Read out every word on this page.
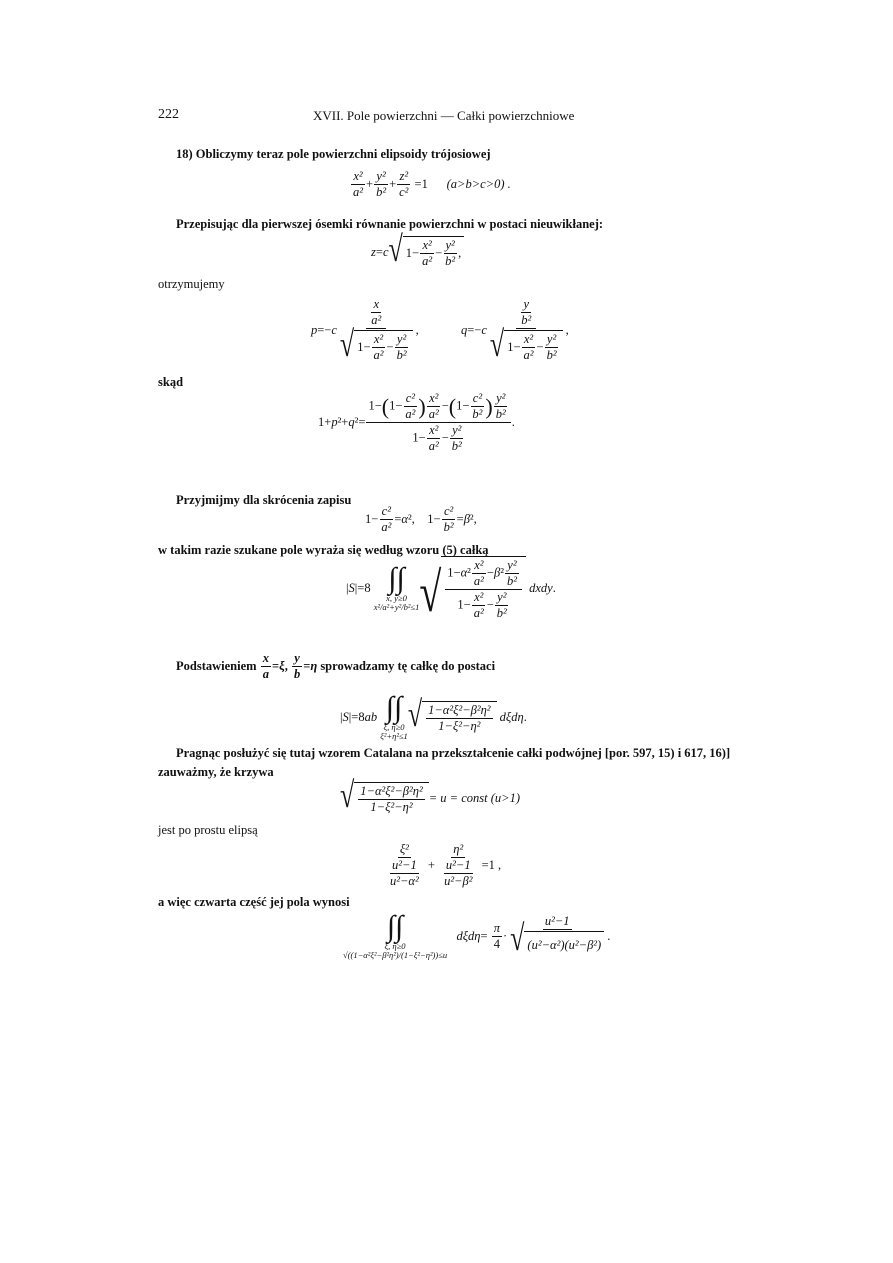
222	XVII. Pole powierzchni — Całki powierzchniowe
18) Obliczymy teraz pole powierzchni elipsoidy trójosiowej
$\frac{\text{x²}}{\text{a²}} + \frac{\text{y²}}{\text{b²}} + \frac{\text{z²}}{\text{c²}} =1$ (a>b>c>0) .
Przepisując dla pierwszej ósemki równanie powierzchni w postaci nieuwikłanej:
z = c √ $1- \frac{\text{x²}}{\text{a²}} - \frac{\text{y²}}{\text{b²}}$ ,
otrzymujemy
p =− c $\frac{\frac{x}{\text{a²}}}{√ 1- \frac{\text{x²}}{\text{a²}} - \frac{\text{y²}}{\text{b²}}}$ ,	q =− c $\frac{\frac{y}{\text{b²}}}{√ 1- \frac{\text{x²}}{\text{a²}} - \frac{\text{y²}}{\text{b²}}}$ ,
skąd
1+ p ²+ q $^2= \frac{1-(1- \frac{\text{c²}}{\text{a²}} ) \frac{\text{x²}}{\text{a²}} -(1- \frac{\text{c²}}{\text{b²}} ) \frac{\text{y²}}{\text{b²}}}{1- \frac{\text{x²}}{\text{a²}} - \frac{\text{y²}}{\text{b²}}}$ .
Przyjmijmy dla skrócenia zapisu
$1- \frac{\text{c²}}{\text{a²}} = \alpha$ ²,    $1- \frac{\text{c²}}{\text{b²}} = \beta$ ²,
w takim razie szukane pole wyraża się według wzoru (5) całką
| S |=8 ∫∫
x, y≥0
x²/a²+y²/b²≤1 √ $\frac{1-\alpha^2 \frac{\text{x²}}{\text{a²}} -\beta^2 \frac{\text{y²}}{\text{b²}}}{1- \frac{\text{x²}}{\text{a²}} - \frac{\text{y²}}{\text{b²}}}$ dxdy .
Podstawieniem
$\frac{x}{a} = \xi$ , $\frac{y}{b} = \eta$
sprowadzamy tę całkę do postaci
| S |=8 ab
∫∫
ξ, η≥0
ξ²+η²≤1
√ $\frac{\text{1−α²ξ²−β²η²}}{\text{1−ξ²−η²}}$ dξdη .
Pragnąc posłużyć się tutaj wzorem Catalana na przekształcenie całki podwójnej [por. 597, 15) i 617, 16)]
zauważmy, że krzywa
√ $\frac{\text{1−α²ξ²−β²η²}}{\text{1−ξ²−η²}} = u$ = const (u>1)
jest po prostu elipsą
$\frac{\text{ξ²}}{\frac{\text{u²−1}}{\text{u²−α²}}} + \frac{\text{η²}}{\frac{\text{u²−1}}{\text{u²−β²}}} =1$ ,
a więc czwarta część jej pola wynosi
∫∫
ξ, η≥0
√((1−α²ξ²−β²η²)/(1−ξ²−η²))≤u
$d\xi d\eta = \frac{\pi}{4} \cdot \frac{\text{u²−1}}{\text{√ (u²−α²)(u²−β²)}}$ .
